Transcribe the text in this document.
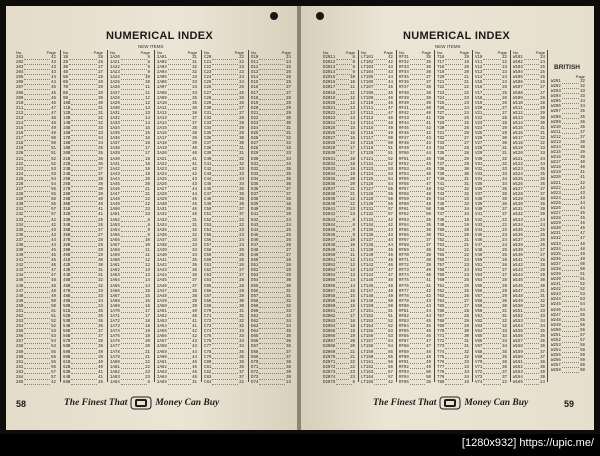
NUMERICAL INDEX
NEW ITEMS
No.	Page
201	42
202	43
203	43
204	43
205	44
206	44
207	45
208	45
209	46
210	46
211	47
212	47
213	48
214	48
215	49
216	49
217	50
218	50
219	51
220	51
221	52
222	52
223	53
224	53
225	54
226	54
227	55
228	55
229	56
230	56
231	57
232	57
233	42
234	42
235	43
236	43
237	44
238	44
239	45
240	45
241	46
242	46
243	47
244	47
245	48
246	48
247	49
248	49
249	50
250	50
251	51
252	51
253	52
254	52
255	53
256	53
257	54
258	54
259	55
260	55
261	56
262	56
263	57
264	57
265	42
No.	Page
1B	26
2B	26
3B	27
4B	27
5B	28
6B	28
7B	29
8B	29
9B	30
10B	30
11B	31
12B	31
13B	32
14B	32
15B	33
16B	33
17B	34
18B	34
19B	35
20B	35
21B	36
22B	36
23B	37
24B	37
25B	38
26B	38
27B	39
28B	39
29B	40
30B	40
31B	41
32B	41
33B	26
34B	26
35B	27
36B	27
37B	28
38B	28
39B	29
40B	29
41B	30
42B	30
43B	31
44B	31
45B	32
46B	32
47B	33
48B	33
49B	34
50B	34
51B	35
52B	35
53B	36
54B	36
55B	37
56B	37
57B	38
58B	38
59B	39
60B	39
61B	40
62B	40
63B	41
64B	41
65B	26
No.	Page
1A20	8
1A21	8
1A22	9
1A23	9
1A24	10
1A25	10
1A26	11
1A27	11
1A28	12
1A29	12
1A30	13
1A31	13
1A32	14
1A33	14
1A34	15
1A35	15
1A36	16
1A37	16
1A38	17
1A39	17
1A40	18
1A41	18
1A42	19
1A43	19
1A44	20
1A45	20
1A46	21
1A47	21
1A48	22
1A49	22
1A50	23
1A51	23
1A52	8
1A53	8
1A54	9
1A55	9
1A56	10
1A57	10
1A58	11
1A59	11
1A60	12
1A61	12
1A62	13
1A63	13
1A64	14
1A65	14
1A66	15
1A67	15
1A68	16
1A69	16
1A70	17
1A71	17
1A72	18
1A73	18
1A74	19
1A75	19
1A76	20
1A77	20
1A78	21
1A79	21
1A80	22
1A81	22
1A82	23
1A83	23
1A84	8
No.	Page
2A01	31
2A02	31
2A03	32
2A04	32
2A05	33
2A06	33
2A07	34
2A08	34
2A09	35
2A10	35
2A11	36
2A12	36
2A13	37
2A14	37
2A15	38
2A16	38
2A17	39
2A18	39
2A19	40
2A20	40
2A21	41
2A22	41
2A23	42
2A24	42
2A25	43
2A26	43
2A27	44
2A28	44
2A29	45
2A30	45
2A31	46
2A32	46
2A33	31
2A34	31
2A35	32
2A36	32
2A37	33
2A38	33
2A39	34
2A40	34
2A41	35
2A42	35
2A43	36
2A44	36
2A45	37
2A46	37
2A47	38
2A48	38
2A49	39
2A50	39
2A51	40
2A52	40
2A53	41
2A54	41
2A55	42
2A56	42
2A57	43
2A58	43
2A59	44
2A60	44
2A61	45
2A62	45
2A63	46
2A64	46
2A65	31
No.	Page
C20	22
C21	22
C22	23
C23	23
C24	24
C25	24
C26	25
C27	25
C28	26
C29	26
C30	27
C31	27
C32	28
C33	28
C34	29
C35	29
C36	30
C37	30
C38	31
C39	31
C40	32
C41	32
C42	33
C43	33
C44	34
C45	34
C46	35
C47	35
C48	36
C49	36
C50	37
C51	37
C52	22
C53	22
C54	23
C55	23
C56	24
C57	24
C58	25
C59	25
C60	26
C61	26
C62	27
C63	27
C64	28
C65	28
C66	29
C67	29
C68	30
C69	30
C70	31
C71	31
C72	32
C73	32
C74	33
C75	33
C76	34
C77	34
C78	35
C79	35
C80	36
C81	36
C82	37
C83	37
C84	22
No.	Page
D10	24
D11	24
D12	25
D13	25
D14	26
D15	26
D16	27
D17	27
D18	28
D19	28
D20	29
D21	29
D22	30
D23	30
D24	31
D25	31
D26	32
D27	32
D28	33
D29	33
D30	34
D31	34
D32	35
D33	35
D34	36
D35	36
D36	37
D37	37
D38	38
D39	38
D40	39
D41	39
D42	24
D43	24
D44	25
D45	25
D46	26
D47	26
D48	27
D49	27
D50	28
D51	28
D52	29
D53	29
D54	30
D55	30
D56	31
D57	31
D58	32
D59	32
D60	33
D61	33
D62	34
D63	34
D64	35
D65	35
D66	36
D67	36
D68	37
D69	37
D70	38
D71	38
D72	39
D73	39
D74	24
58	The Finest That	Money Can Buy
NUMERICAL INDEX
NEW ITEMS
No.	Page
D2011	8
D2012	8
D2013	9
D2014	9
D2015	10
D2016	10
D2017	11
D2018	11
D2019	12
D2020	12
D2021	13
D2022	13
D2023	14
D2024	14
D2025	15
D2026	15
D2027	16
D2028	16
D2029	17
D2030	17
D2031	18
D2032	18
D2033	19
D2034	19
D2035	20
D2036	20
D2037	21
D2038	21
D2039	22
D2040	22
D2041	23
D2042	23
D2043	8
D2044	8
D2045	9
D2046	9
D2047	10
D2048	10
D2049	11
D2050	11
D2051	12
D2052	12
D2053	13
D2054	13
D2055	14
D2056	14
D2057	15
D2058	15
D2059	16
D2060	16
D2061	17
D2062	17
D2063	18
D2064	18
D2065	19
D2066	19
D2067	20
D2068	20
D2069	21
D2070	21
D2071	22
D2072	22
D2073	23
D2074	23
D2075	8
No.	Page
LT101	42
LT102	42
LT103	43
LT104	43
LT105	44
LT106	44
LT107	45
LT108	45
LT109	46
LT110	46
LT111	47
LT112	47
LT113	48
LT114	48
LT115	49
LT116	49
LT117	50
LT118	50
LT119	51
LT120	51
LT121	52
LT122	52
LT123	53
LT124	53
LT125	54
LT126	54
LT127	55
LT128	55
LT129	56
LT130	56
LT131	57
LT132	57
LT133	42
LT134	42
LT135	43
LT136	43
LT137	44
LT138	44
LT139	45
LT140	45
LT141	46
LT142	46
LT143	47
LT144	47
LT145	48
LT146	48
LT147	49
LT148	49
LT149	50
LT150	50
LT151	51
LT152	51
LT153	52
LT154	52
LT155	53
LT156	53
LT157	54
LT158	54
LT159	55
LT160	55
LT161	56
LT162	56
LT163	57
LT164	57
LT165	42
No.	Page
RF31	35
RF32	35
RF33	36
RF34	36
RF35	37
RF36	37
RF37	38
RF38	38
RF39	39
RF40	39
RF41	40
RF42	40
RF43	41
RF44	41
RF45	42
RF46	42
RF47	43
RF48	43
RF49	44
RF50	44
RF51	45
RF52	45
RF53	46
RF54	46
RF55	47
RF56	47
RF57	48
RF58	48
RF59	49
RF60	49
RF61	50
RF62	50
RF63	35
RF64	35
RF65	36
RF66	36
RF67	37
RF68	37
RF69	38
RF70	38
RF71	39
RF72	39
RF73	40
RF74	40
RF75	41
RF76	41
RF77	42
RF78	42
RF79	43
RF80	43
RF81	44
RF82	44
RF83	45
RF84	45
RF85	46
RF86	46
RF87	47
RF88	47
RF89	48
RF90	48
RF91	49
RF92	49
RF93	50
RF94	50
RF95	35
No.	Page
T16	19
T17	19
T18	20
T19	20
T20	21
T21	21
T22	22
T23	22
T24	23
T25	23
T26	24
T27	24
T28	25
T29	25
T30	26
T31	26
T32	27
T33	27
T34	28
T35	28
T36	29
T37	29
T38	30
T39	30
T40	31
T41	31
T42	32
T43	32
T44	33
T45	33
T46	34
T47	34
T48	19
T49	19
T50	20
T51	20
T52	21
T53	21
T54	22
T55	22
T56	23
T57	23
T58	24
T59	24
T60	25
T61	25
T62	26
T63	26
T64	27
T65	27
T66	28
T67	28
T68	29
T69	29
T70	30
T71	30
T72	31
T73	31
T74	32
T75	32
T76	33
T77	33
T78	34
T79	34
T80	19
No.	Page
V10	22
V11	22
V12	23
V13	23
V14	24
V15	24
V16	25
V17	25
V18	26
V19	26
V20	27
V21	27
V22	28
V23	28
V24	29
V25	29
V26	30
V27	30
V28	31
V29	31
V30	32
V31	32
V32	33
V33	33
V34	34
V35	34
V36	35
V37	35
V38	36
V39	36
V40	37
V41	37
V42	22
V43	22
V44	23
V45	23
V46	24
V47	24
V48	25
V49	25
V50	26
V51	26
V52	27
V53	27
V54	28
V55	28
V56	29
V57	29
V58	30
V59	30
V60	31
V61	31
V62	32
V63	32
V64	33
V65	33
V66	34
V67	34
V68	35
V69	35
V70	36
V71	36
V72	37
V73	37
V74	22
No.	Page
W101	24
W102	24
W103	25
W104	25
W105	26
W106	26
W107	27
W108	27
W109	28
W110	28
W111	29
W112	29
W113	30
W114	30
W115	31
W116	31
W117	32
W118	32
W119	33
W120	33
W121	34
W122	34
W123	35
W124	35
W125	36
W126	36
W127	37
W128	37
W129	38
W130	38
W131	39
W132	39
W133	24
W134	24
W135	25
W136	25
W137	26
W138	26
W139	27
W140	27
W141	28
W142	28
W143	29
W144	29
W145	30
W146	30
W147	31
W148	31
W149	32
W150	32
W151	33
W152	33
W153	34
W154	34
W155	35
W156	35
W157	36
W158	36
W159	37
W160	37
W161	38
W162	38
W163	39
W164	39
W165	24
Page
W201	32
W202	32
W203	33
W204	33
W205	34
W206	34
W207	35
W208	35
W209	36
W210	36
W211	37
W212	37
W213	38
W214	38
W215	39
W216	39
W217	40
W218	40
W219	41
W220	41
W221	42
W222	42
W223	43
W224	43
W225	44
W226	44
W227	45
W228	45
W229	46
W230	46
W231	47
W232	47
W233	48
W234	48
W235	49
W236	49
W237	50
W238	50
W239	51
W240	51
W241	52
W242	52
W243	53
W244	53
W245	54
W246	54
W247	55
W248	55
W249	56
W250	56
W251	57
W252	57
W253	58
W254	58
W255	59
W256	59
W257	60
W258	60
BRITISH
59
The Finest That	Money Can Buy
[1280x932] https://upic.me/
